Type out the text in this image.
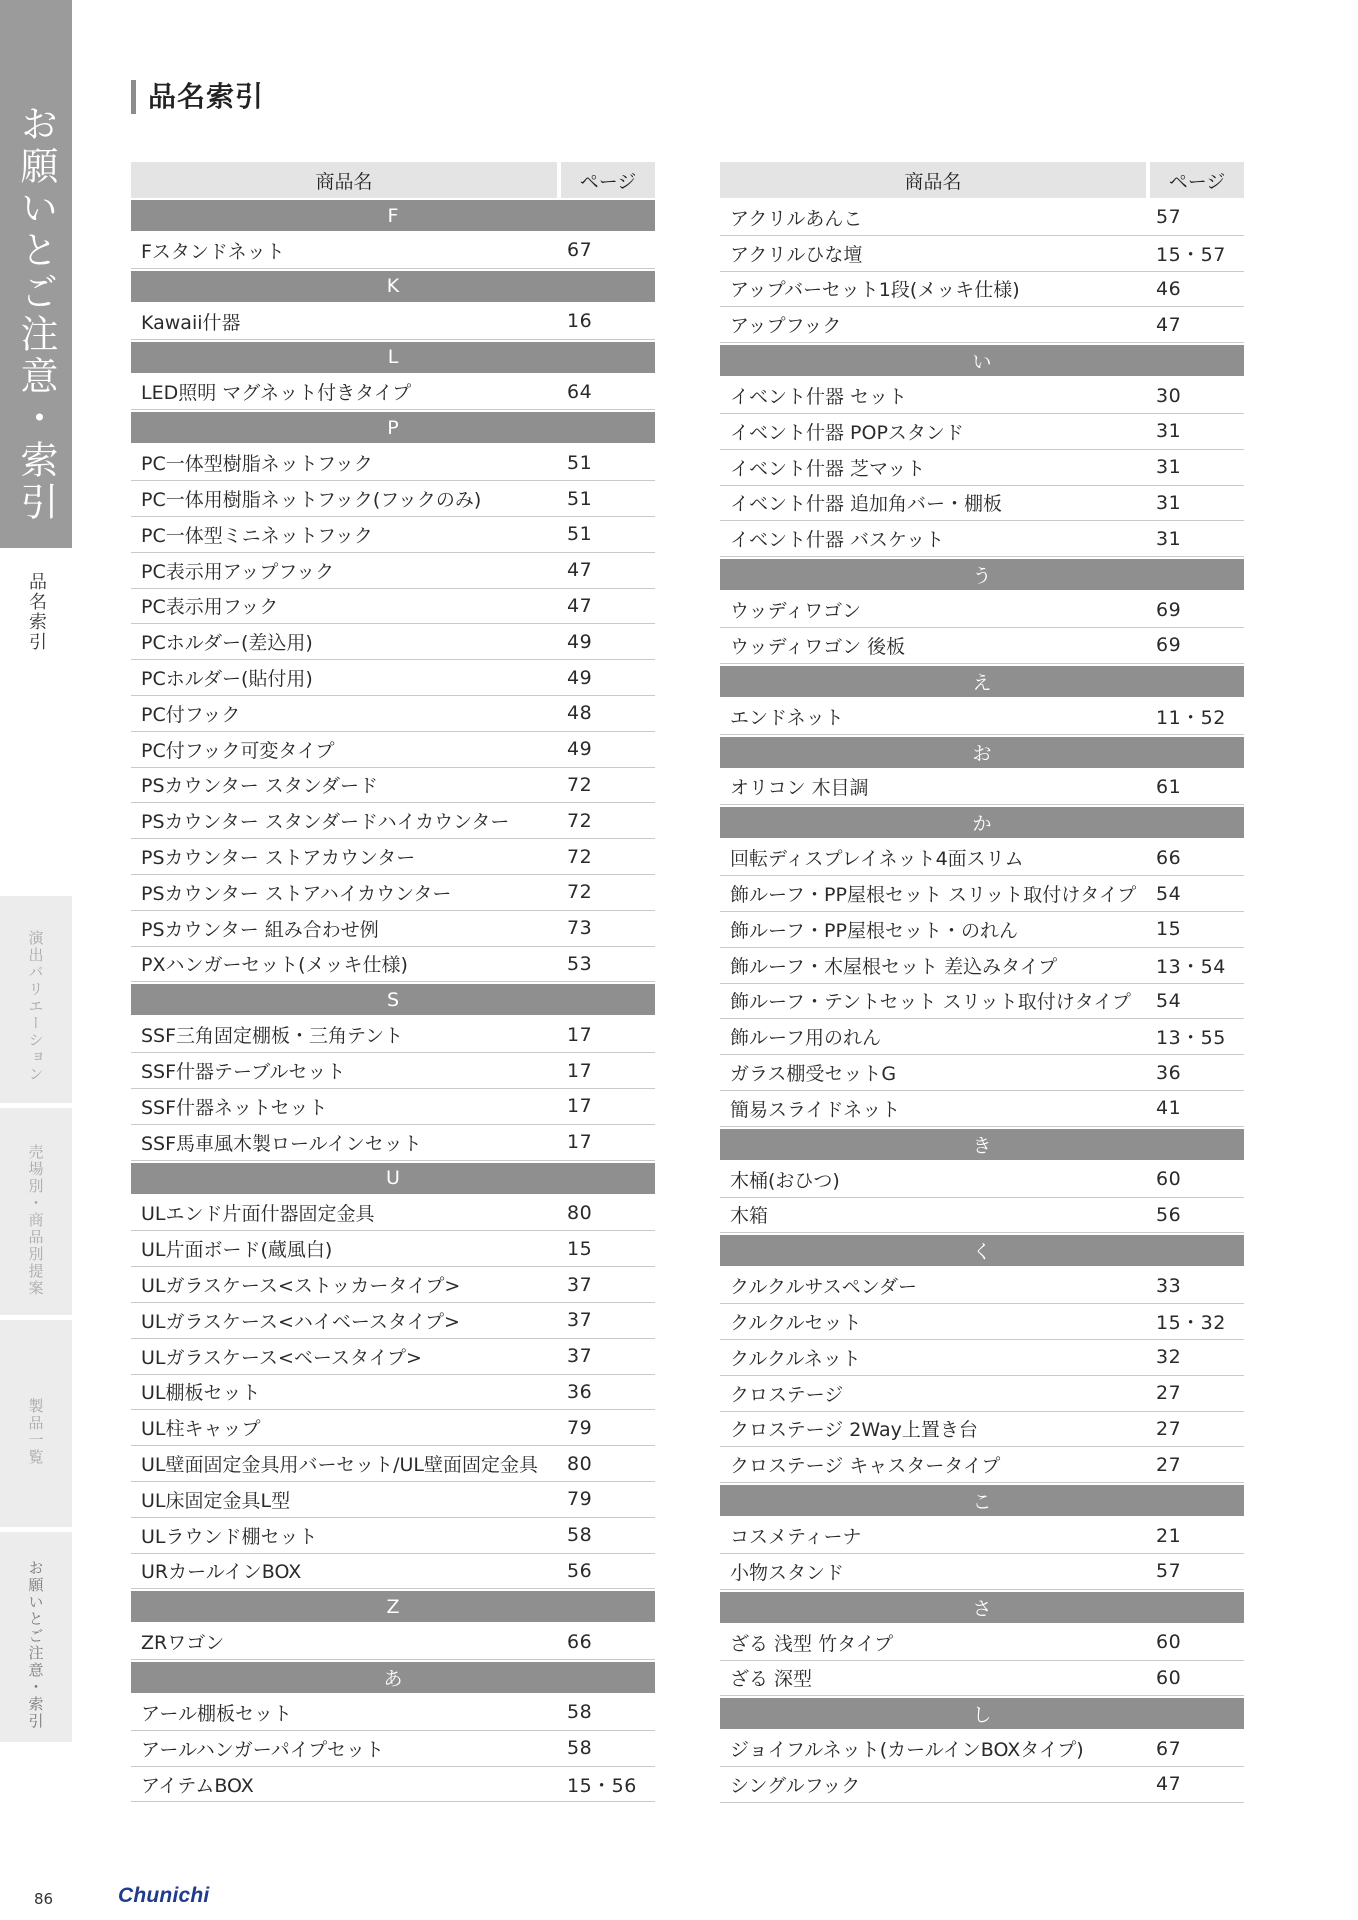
お願いとご注意・索引
品名索引
演出バリエーション
売場別・商品別提案
製品一覧
お願いとご注意・索引
品名索引
商品名	ページ
F
Fスタンドネット	67
K
Kawaii什器	16
L
LED照明 マグネット付きタイプ	64
P
PC一体型樹脂ネットフック	51
PC一体用樹脂ネットフック(フックのみ)	51
PC一体型ミニネットフック	51
PC表示用アップフック	47
PC表示用フック	47
PCホルダー(差込用)	49
PCホルダー(貼付用)	49
PC付フック	48
PC付フック可変タイプ	49
PSカウンター スタンダード	72
PSカウンター スタンダードハイカウンター	72
PSカウンター ストアカウンター	72
PSカウンター ストアハイカウンター	72
PSカウンター 組み合わせ例	73
PXハンガーセット(メッキ仕様)	53
S
SSF三角固定棚板・三角テント	17
SSF什器テーブルセット	17
SSF什器ネットセット	17
SSF馬車風木製ロールインセット	17
U
ULエンド片面什器固定金具	80
UL片面ボード(蔵風白)	15
ULガラスケース<ストッカータイプ>	37
ULガラスケース<ハイベースタイプ>	37
ULガラスケース<ベースタイプ>	37
UL棚板セット	36
UL柱キャップ	79
UL壁面固定金具用バーセット/UL壁面固定金具	80
UL床固定金具L型	79
ULラウンド棚セット	58
URカールインBOX	56
Z
ZRワゴン	66
あ
アール棚板セット	58
アールハンガーパイプセット	58
アイテムBOX	15・56
商品名	ページ
アクリルあんこ	57
アクリルひな壇	15・57
アップバーセット1段(メッキ仕様)	46
アップフック	47
い
イベント什器 セット	30
イベント什器 POPスタンド	31
イベント什器 芝マット	31
イベント什器 追加角バー・棚板	31
イベント什器 バスケット	31
う
ウッディワゴン	69
ウッディワゴン 後板	69
え
エンドネット	11・52
お
オリコン 木目調	61
か
回転ディスプレイネット4面スリム	66
飾ルーフ・PP屋根セット スリット取付けタイプ	54
飾ルーフ・PP屋根セット・のれん	15
飾ルーフ・木屋根セット 差込みタイプ	13・54
飾ルーフ・テントセット スリット取付けタイプ	54
飾ルーフ用のれん	13・55
ガラス棚受セットG	36
簡易スライドネット	41
き
木桶(おひつ)	60
木箱	56
く
クルクルサスペンダー	33
クルクルセット	15・32
クルクルネット	32
クロステージ	27
クロステージ 2Way上置き台	27
クロステージ キャスタータイプ	27
こ
コスメティーナ	21
小物スタンド	57
さ
ざる 浅型 竹タイプ	60
ざる 深型	60
し
ジョイフルネット(カールインBOXタイプ)	67
シングルフック	47
86	Chunichi
